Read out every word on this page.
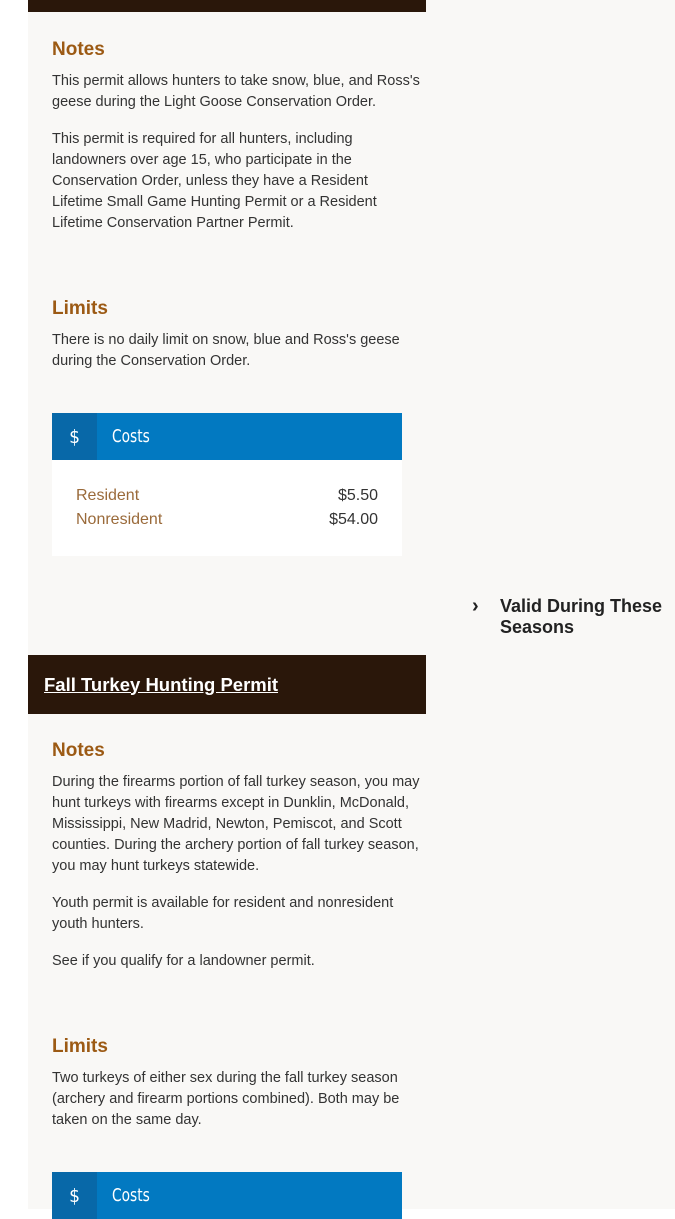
Notes

This permit allows hunters to take snow, blue, and Ross's geese during the Light Goose Conservation Order.

This permit is required for all hunters, including landowners over age 15, who participate in the Conservation Order, unless they have a Resident Lifetime Small Game Hunting Permit or a Resident Lifetime Conservation Partner Permit.

Limits

There is no daily limit on snow, blue and Ross's geese during the Conservation Order.

$	Costs
Resident	$5.50
Nonresident	$54.00
›	Valid During These Seasons
Fall Turkey Hunting Permit
Notes

During the firearms portion of fall turkey season, you may hunt turkeys with firearms except in Dunklin, McDonald, Mississippi, New Madrid, Newton, Pemiscot, and Scott counties. During the archery portion of fall turkey season, you may hunt turkeys statewide.

Youth permit is available for resident and nonresident youth hunters.

See if you qualify for a landowner permit.

Limits

Two turkeys of either sex during the fall turkey season (archery and firearm portions combined). Both may be taken on the same day.

$	Costs
